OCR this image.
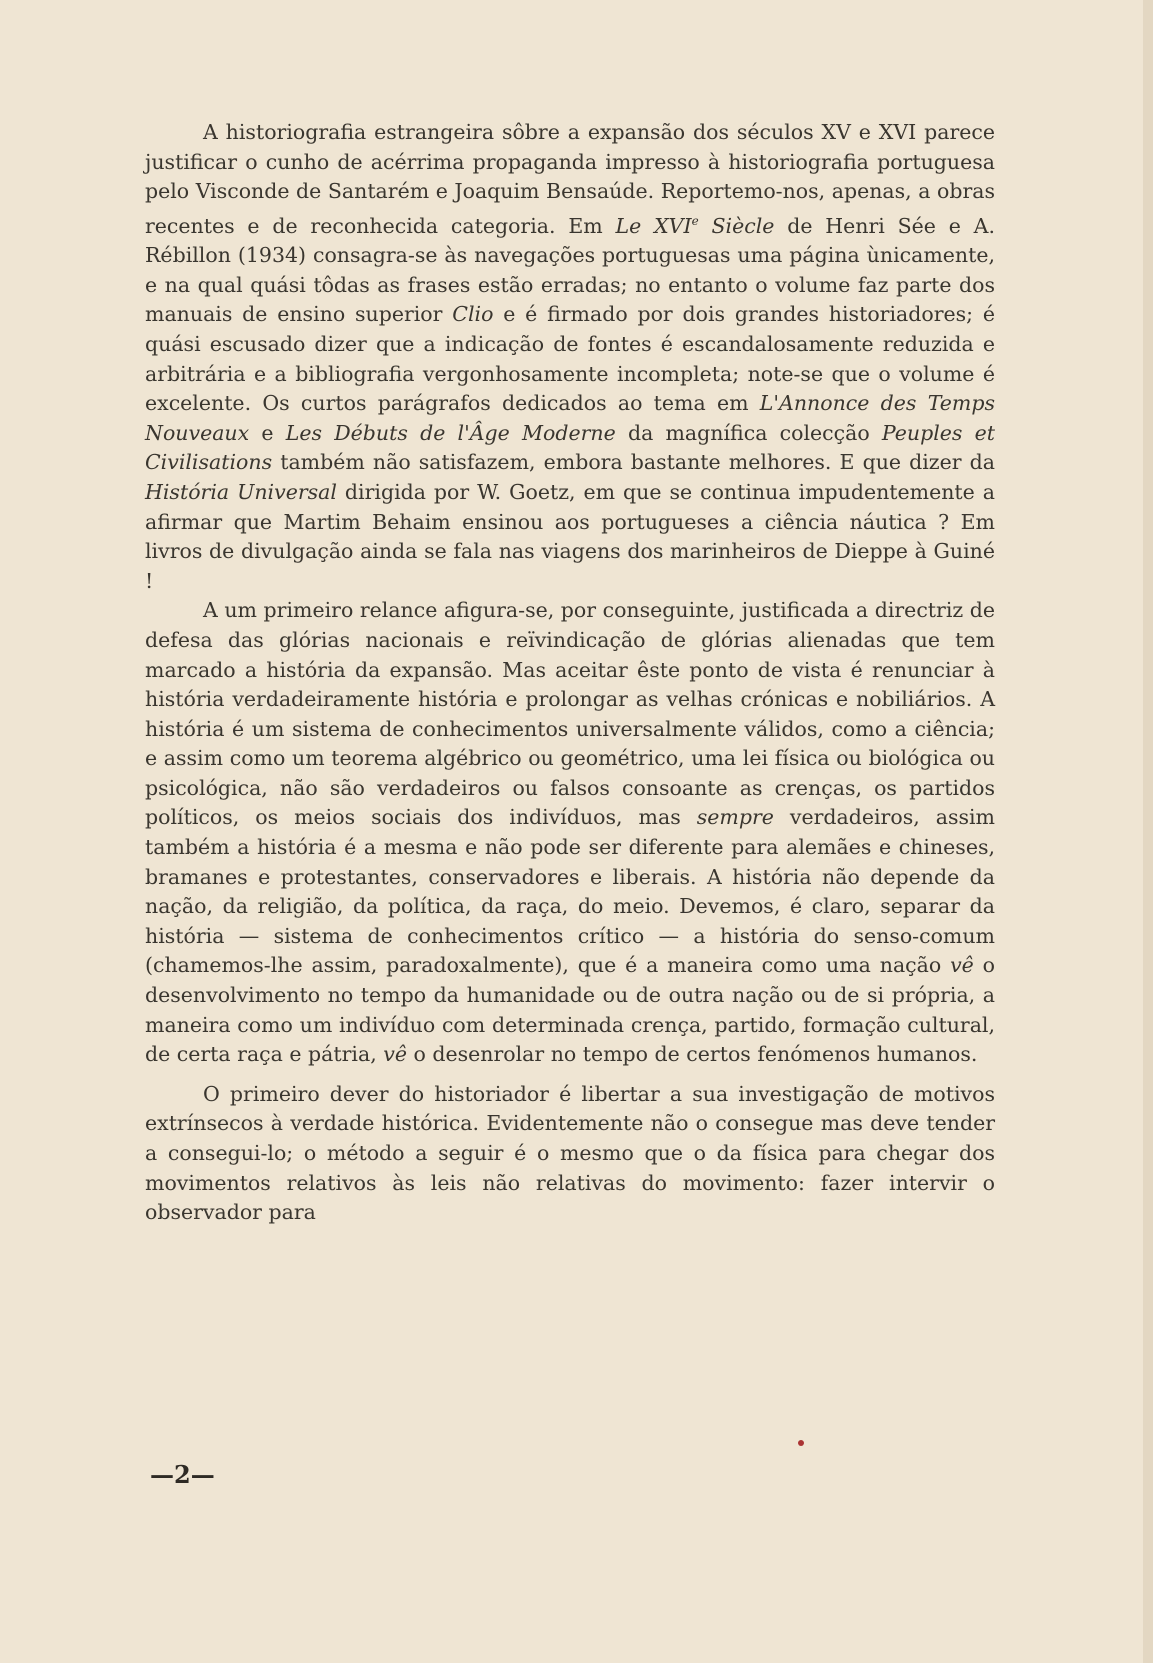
A historiografia estrangeira sôbre a expansão dos séculos XV e XVI parece justificar o cunho de acérrima propaganda impresso à historiografia portuguesa pelo Visconde de Santarém e Joaquim Bensaúde. Reportemo-nos, apenas, a obras recentes e de reconhecida categoria. Em Le XVIe Siècle de Henri Sée e A. Rébillon (1934) consagra-se às navegações portuguesas uma página ùnicamente, e na qual quási tôdas as frases estão erradas; no entanto o volume faz parte dos manuais de ensino superior Clio e é firmado por dois grandes historiadores; é quási escusado dizer que a indicação de fontes é escandalosamente reduzida e arbitrária e a bibliografia vergonhosamente incompleta; note-se que o volume é excelente. Os curtos parágrafos dedicados ao tema em L'Annonce des Temps Nouveaux e Les Débuts de l'Âge Moderne da magnífica colecção Peuples et Civilisations também não satisfazem, embora bastante melhores. E que dizer da História Universal dirigida por W. Goetz, em que se continua impudentemente a afirmar que Martim Behaim ensinou aos portugueses a ciência náutica ? Em livros de divulgação ainda se fala nas viagens dos marinheiros de Dieppe à Guiné !

A um primeiro relance afigura-se, por conseguinte, justificada a directriz de defesa das glórias nacionais e reïvindicação de glórias alienadas que tem marcado a história da expansão. Mas aceitar êste ponto de vista é renunciar à história verdadeiramente história e prolongar as velhas crónicas e nobiliários. A história é um sistema de conhecimentos universalmente válidos, como a ciência; e assim como um teorema algébrico ou geométrico, uma lei física ou biológica ou psicológica, não são verdadeiros ou falsos consoante as crenças, os partidos políticos, os meios sociais dos indivíduos, mas sempre verdadeiros, assim também a história é a mesma e não pode ser diferente para alemães e chineses, bramanes e protestantes, conservadores e liberais. A história não depende da nação, da religião, da política, da raça, do meio. Devemos, é claro, separar da história — sistema de conhecimentos crítico — a história do senso-comum (chamemos-lhe assim, paradoxalmente), que é a maneira como uma nação vê o desenvolvimento no tempo da humanidade ou de outra nação ou de si própria, a maneira como um indivíduo com determinada crença, partido, formação cultural, de certa raça e pátria, vê o desenrolar no tempo de certos fenómenos humanos.

O primeiro dever do historiador é libertar a sua investigação de motivos extrínsecos à verdade histórica. Evidentemente não o consegue mas deve tender a consegui-lo; o método a seguir é o mesmo que o da física para chegar dos movimentos relativos às leis não relativas do movimento: fazer intervir o observador para

—2—
